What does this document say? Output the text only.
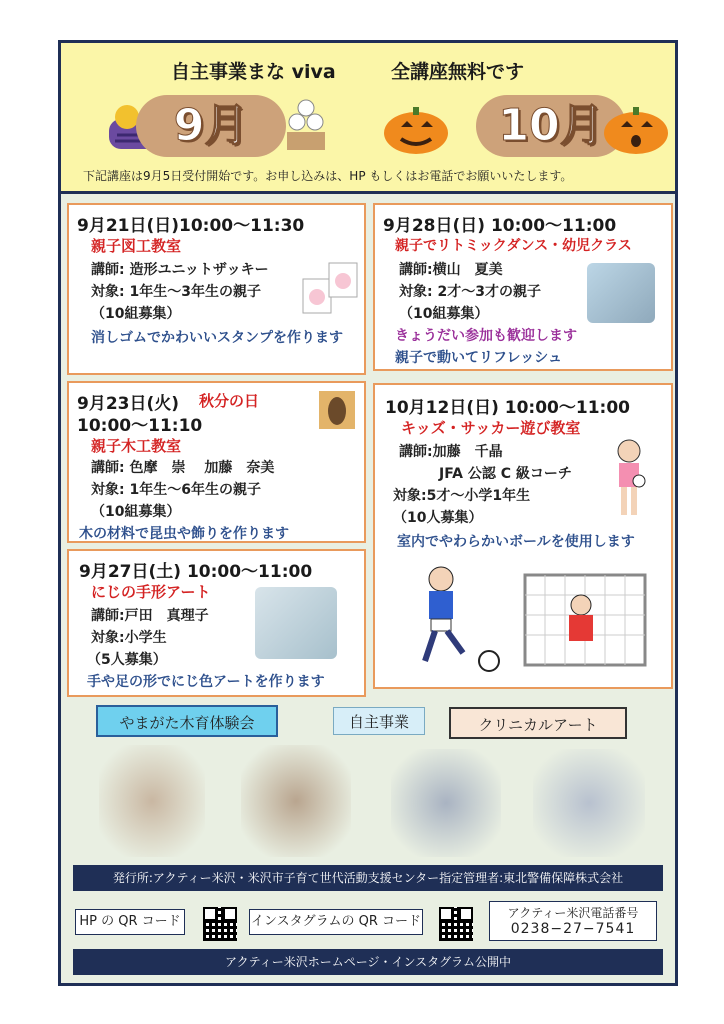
自主事業まな viva	全講座無料です
9月	10月
下記講座は9月5日受付開始です。お申し込みは、HP もしくはお電話でお願いいたします。
9月21日(日)10:00～11:30
親子図工教室
講師: 造形ユニットザッキー
対象: 1年生～3年生の親子
（10組募集）
消しゴムでかわいいスタンプを作ります
9月28日(日) 10:00～11:00
親子でリトミックダンス・幼児クラス
講師:横山　夏美
対象: 2才～3才の親子
（10組募集）
きょうだい参加も歓迎します
親子で動いてリフレッシュ
9月23日(火) 秋分の日
10:00～11:10
親子木工教室
講師: 色摩　崇　 加藤　奈美
対象: 1年生～6年生の親子
（10組募集）
木の材料で昆虫や飾りを作ります
10月12日(日) 10:00～11:00
キッズ・サッカー遊び教室
講師:加藤　千晶
JFA 公認 C 級コーチ
対象:5才～小学1年生
（10人募集）
室内でやわらかいボールを使用します
9月27日(土) 10:00～11:00
にじの手形アート
講師:戸田　真理子
対象:小学生
（5人募集）
手や足の形でにじ色アートを作ります
やまがた木育体験会	自主事業	クリニカルアート
発行所:アクティー米沢・米沢市子育て世代活動支援センター指定管理者:東北警備保障株式会社
HP の QR コード	インスタグラムの QR コード
アクティー米沢電話番号
0238−27−7541
アクティー米沢ホームページ・インスタグラム公開中
